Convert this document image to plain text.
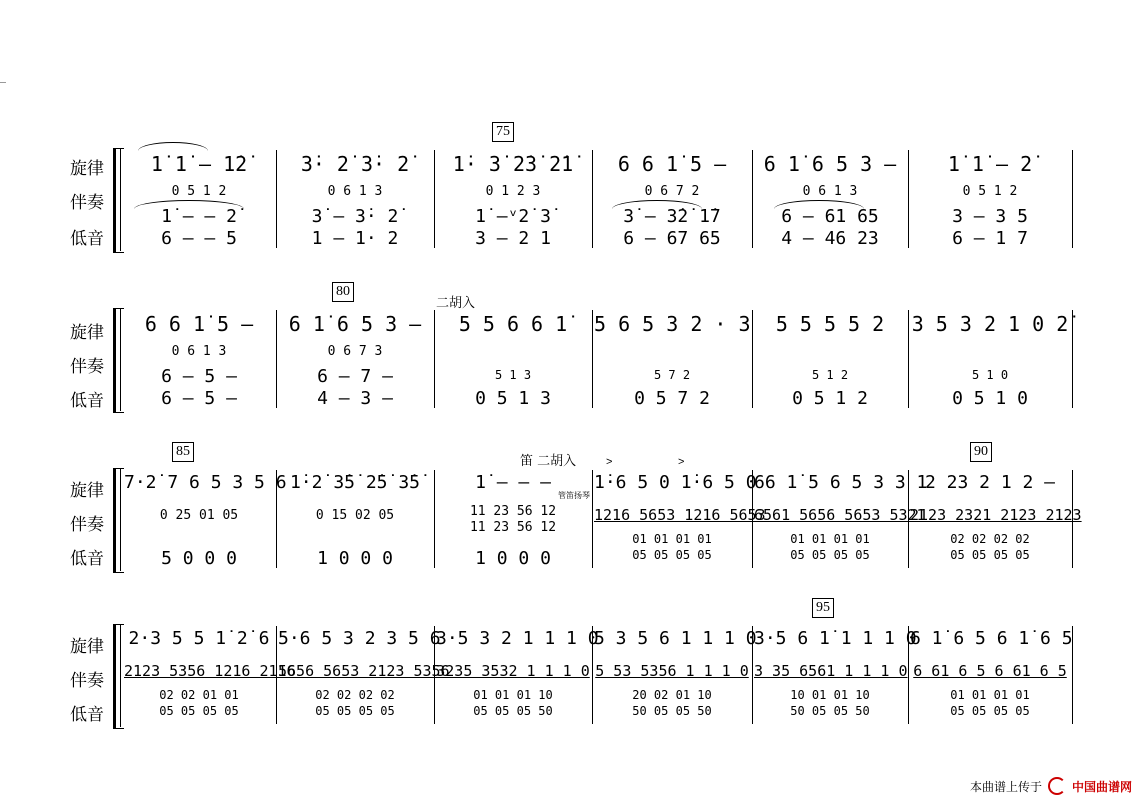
旋律
伴奏
低音
1̇ 1̇ – 1̇2̇
0 5 1 2
1̇ – – 2̇
6 – – 5
3̇· 2̇ 3̇· 2̇
0 6 1 3
3̇ – 3̇· 2̇
1 – 1· 2
75
1̇· 3̇ 2̇3̇ 2̇1̇
0 1 2 3
1̇ –ᵛ2̇ 3̇
3 – 2 1
6 6 1̇ 5 –
0 6 7 2
3̇ – 3̇2̇ 1̇7
6 – 67 65
6 1̇ 6 5 3 –
0 6 1 3
6 – 61 65
4 – 46 23
1̇ 1̇ – 2̇
0 5 1 2
3 – 3 5
6 – 1 7
旋律
伴奏
低音
6 6 1̇ 5 –
0 6 1 3
6 – 5 –
6 – 5 –
80
6 1̇ 6 5 3 –
0 6 7 3
6 – 7 –
4 – 3 –
二胡入
5 5 6 6 1̇
5 1 3
0 5 1 3
5 6 5 3 2 · 3
5 7 2
0 5 7 2
5 5 5 5 2
5 1 2
0 5 1 2
3 5 3 2 1 0 2̇
5 1 0
0 5 1 0
旋律
伴奏
低音
85
7·2̇ 7 6 5 3 5 6
0 25 01 05
5 0 0 0
1̇·2̇ 3̇5̇ 2̇5̇ 3̇5̇
0 15 02 05
1 0 0 0
笛 二胡入
管笛扬琴
1̇ – – –
11 23 56 12
11 23 56 12
1 0 0 0
>	>
1̇·6 5 0 1̇·6 5 0
1216 5653 1216 5653
01 01 01 01
05 05 05 05
66 1̇ 5 6 5 3 3 1
6561 5656 5653 5321
01 01 01 01
05 05 05 05
90
2 23 2 1 2 –
2123 2321 2123 2123
02 02 02 02
05 05 05 05
旋律
伴奏
低音
2·3 5 5 1̇ 2̇ 6
2123 5356 1216 2116
02 02 01 01
05 05 05 05
5·6 5 3 2 3 5 6
5656 5653 2123 5356
02 02 02 02
05 05 05 05
3·5 3 2 1 1 1 0
3235 3532 1 1 1 0
01 01 01 10
05 05 05 50
5 3 5 6 1 1 1 0
5 53 5356 1 1 1 0
20 02 01 10
50 05 05 50
95
3·5 6 1̇ 1 1 1 0
3 35 6561 1 1 1 0
10 01 01 10
50 05 05 50
6 1̇ 6 5 6 1̇ 6 5
6 61 6 5 6 61 6 5
01 01 01 01
05 05 05 05
本曲谱上传于	中国曲谱网
